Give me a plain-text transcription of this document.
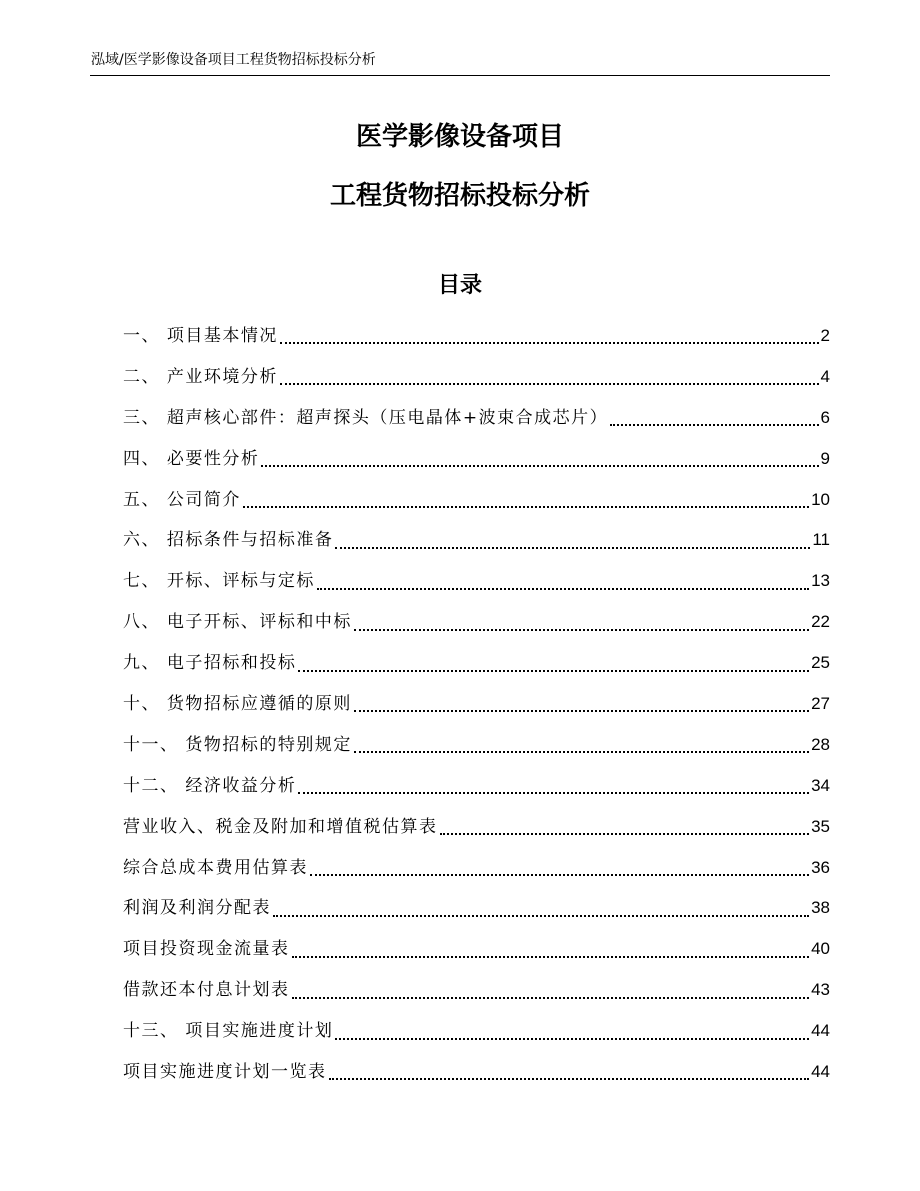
泓域/医学影像设备项目工程货物招标投标分析
医学影像设备项目
工程货物招标投标分析
目录
一、 项目基本情况	2
二、 产业环境分析	4
三、 超声核心部件：超声探头（压电晶体+波束合成芯片）	6
四、 必要性分析	9
五、 公司简介	10
六、 招标条件与招标准备	11
七、 开标、评标与定标	13
八、 电子开标、评标和中标	22
九、 电子招标和投标	25
十、 货物招标应遵循的原则	27
十一、 货物招标的特别规定	28
十二、 经济收益分析	34
营业收入、税金及附加和增值税估算表	35
综合总成本费用估算表	36
利润及利润分配表	38
项目投资现金流量表	40
借款还本付息计划表	43
十三、 项目实施进度计划	44
项目实施进度计划一览表	44
